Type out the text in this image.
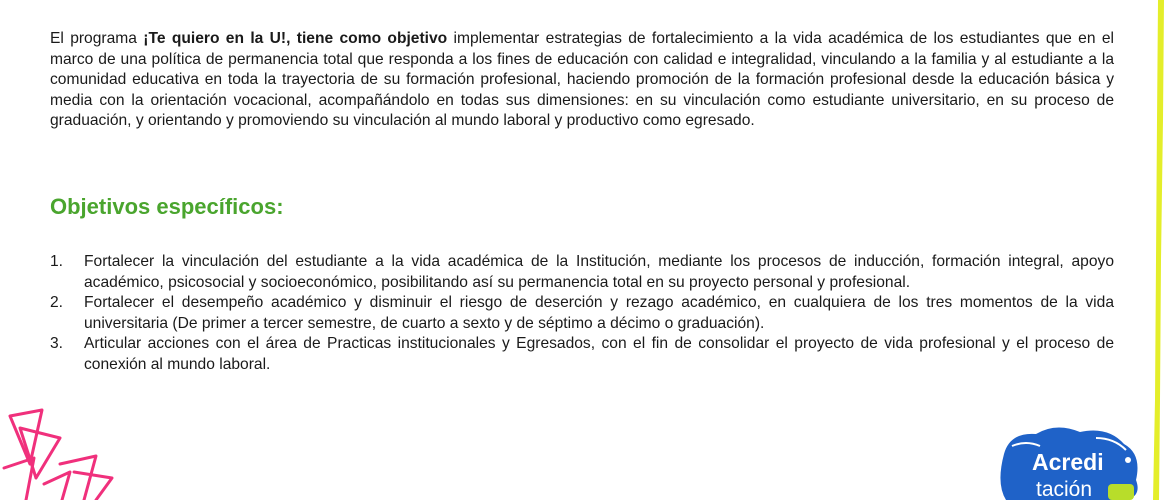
El programa ¡Te quiero en la U!, tiene como objetivo implementar estrategias de fortalecimiento a la vida académica de los estudiantes que en el marco de una política de permanencia total que responda a los fines de educación con calidad e integralidad, vinculando a la familia y al estudiante a la comunidad educativa en toda la trayectoria de su formación profesional, haciendo promoción de la formación profesional desde la educación básica y media con la orientación vocacional, acompañándolo en todas sus dimensiones: en su vinculación como estudiante universitario, en su proceso de graduación, y orientando y promoviendo su vinculación al mundo laboral y productivo como egresado.

Objetivos específicos:
1. Fortalecer la vinculación del estudiante a la vida académica de la Institución, mediante los procesos de inducción, formación integral, apoyo académico, psicosocial y socioeconómico, posibilitando así su permanencia total en su proyecto personal y profesional.
2. Fortalecer el desempeño académico y disminuir el riesgo de deserción y rezago académico, en cualquiera de los tres momentos de la vida universitaria (De primer a tercer semestre, de cuarto a sexto y de séptimo a décimo o graduación).
3. Articular acciones con el área de Practicas institucionales y Egresados, con el fin de consolidar el proyecto de vida profesional y el proceso de conexión al mundo laboral.
Acredi
tación
